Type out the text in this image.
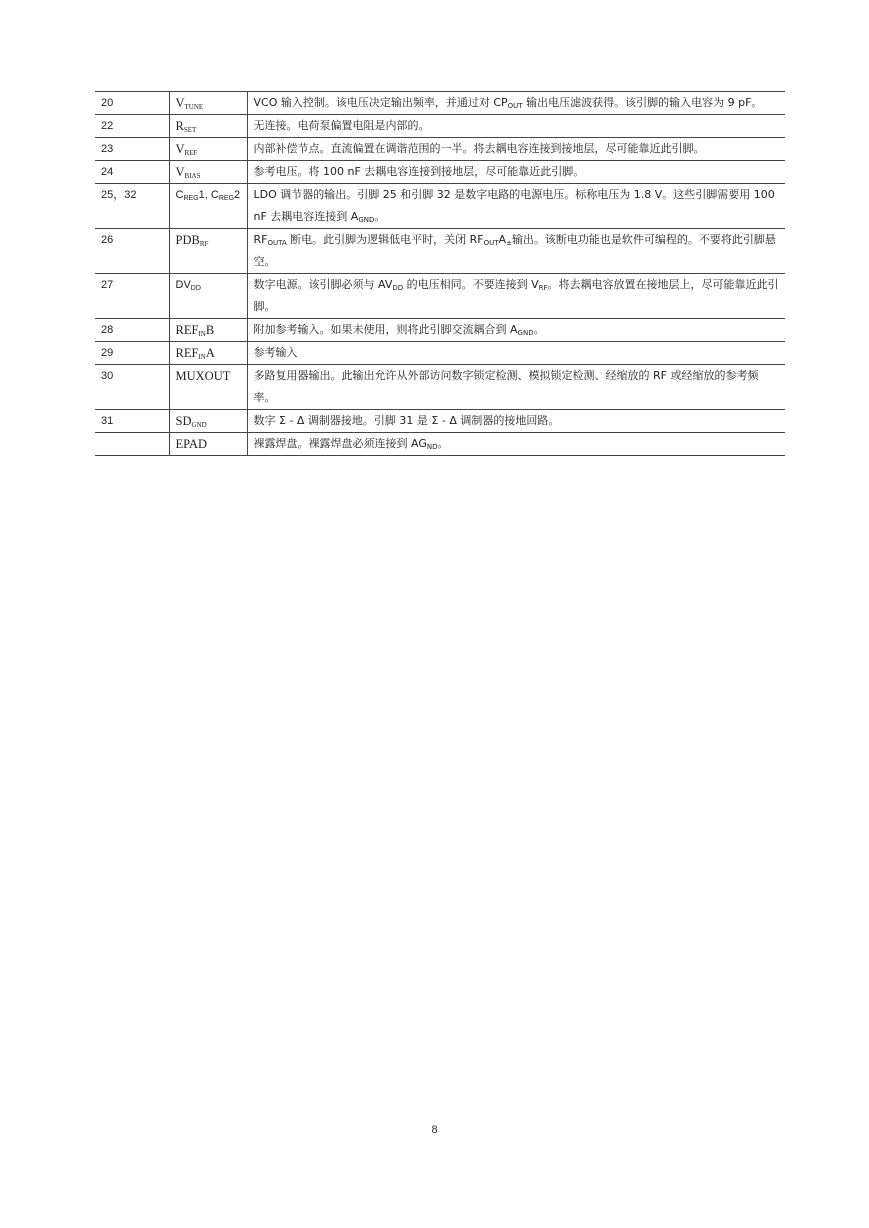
20	$V_{TUNE}$	VCO 输入控制。该电压决定输出频率，并通过对 $CP_{OUT}$ 输出电压滤波获得。该引脚的输入电容为 9 pF。
22	$R_{SET}$	无连接。电荷泵偏置电阻是内部的。
23	$V_{REF}$	内部补偿节点。直流偏置在调谐范围的一半。将去耦电容连接到接地层，尽可能靠近此引脚。
24	$V_{BIAS}$	参考电压。将 100 nF 去耦电容连接到接地层，尽可能靠近此引脚。
25，32	$C_{REG}1$, $C_{REG}2$	LDO 调节器的输出。引脚 25 和引脚 32 是数字电路的电源电压。标称电压为 1.8 V。这些引脚需要用 100 nF 去耦电容连接到 $A_{GND}$。
26	$PDB_{RF}$	$RF_{OUTA}$ 断电。此引脚为逻辑低电平时，关闭 $RF_{OUT}A_\pm$输出。该断电功能也是软件可编程的。不要将此引脚悬空。
27	$DV_{DD}$	数字电源。该引脚必须与 $AV_{DD}$ 的电压相同。不要连接到 $V_{RF}$。将去耦电容放置在接地层上，尽可能靠近此引脚。
28	$REF_{IN}B$	附加参考输入。如果未使用，则将此引脚交流耦合到 $A_{GND}$。
29	$REF_{IN}A$	参考输入
30	MUXOUT	多路复用器输出。此输出允许从外部访问数字锁定检测、模拟锁定检测、经缩放的 RF 或经缩放的参考频率。
31	$SD_{GND}$	数字 Σ - Δ 调制器接地。引脚 31 是 Σ - Δ 调制器的接地回路。
	EPAD	裸露焊盘。裸露焊盘必须连接到 $AG_{ND}$。
8
